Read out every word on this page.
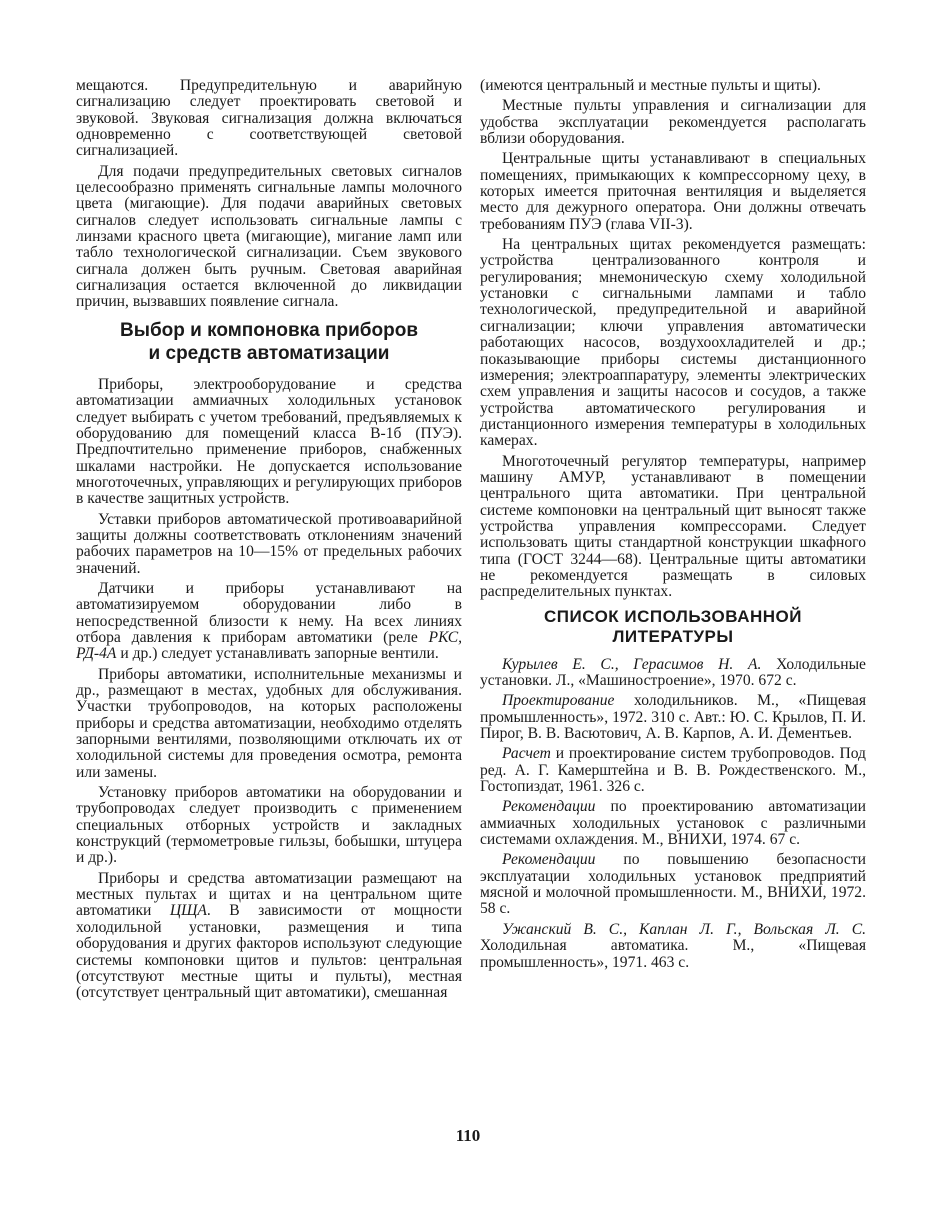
мещаются. Предупредительную и аварийную сигнализацию следует проектировать световой и звуковой. Звуковая сигнализация должна включаться одновременно с соответствующей световой сигнализацией.

Для подачи предупредительных световых сигналов целесообразно применять сигнальные лампы молочного цвета (мигающие). Для подачи аварийных световых сигналов следует использовать сигнальные лампы с линзами красного цвета (мигающие), мигание ламп или табло технологической сигнализации. Съем звукового сигнала должен быть ручным. Световая аварийная сигнализация остается включенной до ликвидации причин, вызвавших появление сигнала.

Выбор и компоновка приборов
и средств автоматизации

Приборы, электрооборудование и средства автоматизации аммиачных холодильных установок следует выбирать с учетом требований, предъявляемых к оборудованию для помещений класса В-1б (ПУЭ). Предпочтительно применение приборов, снабженных шкалами настройки. Не допускается использование многоточечных, управляющих и регулирующих приборов в качестве защитных устройств.

Уставки приборов автоматической противоаварийной защиты должны соответствовать отклонениям значений рабочих параметров на 10—15% от предельных рабочих значений.

Датчики и приборы устанавливают на автоматизируемом оборудовании либо в непосредственной близости к нему. На всех линиях отбора давления к приборам автоматики (реле РКС, РД-4А и др.) следует устанавливать запорные вентили.

Приборы автоматики, исполнительные механизмы и др., размещают в местах, удобных для обслуживания. Участки трубопроводов, на которых расположены приборы и средства автоматизации, необходимо отделять запорными вентилями, позволяющими отключать их от холодильной системы для проведения осмотра, ремонта или замены.

Установку приборов автоматики на оборудовании и трубопроводах следует производить с применением специальных отборных устройств и закладных конструкций (термометровые гильзы, бобышки, штуцера и др.).

Приборы и средства автоматизации размещают на местных пультах и щитах и на центральном щите автоматики ЦЩА. В зависимости от мощности холодильной установки, размещения и типа оборудования и других факторов используют следующие системы компоновки щитов и пультов: центральная (отсутствуют местные щиты и пульты), местная (отсутствует центральный щит автоматики), смешанная

(имеются центральный и местные пульты и щиты).

Местные пульты управления и сигнализации для удобства эксплуатации рекомендуется располагать вблизи оборудования.

Центральные щиты устанавливают в специальных помещениях, примыкающих к компрессорному цеху, в которых имеется приточная вентиляция и выделяется место для дежурного оператора. Они должны отвечать требованиям ПУЭ (глава VII-3).

На центральных щитах рекомендуется размещать: устройства централизованного контроля и регулирования; мнемоническую схему холодильной установки с сигнальными лампами и табло технологической, предупредительной и аварийной сигнализации; ключи управления автоматически работающих насосов, воздухоохладителей и др.; показывающие приборы системы дистанционного измерения; электроаппаратуру, элементы электрических схем управления и защиты насосов и сосудов, а также устройства автоматического регулирования и дистанционного измерения температуры в холодильных камерах.

Многоточечный регулятор температуры, например машину АМУР, устанавливают в помещении центрального щита автоматики. При центральной системе компоновки на центральный щит выносят также устройства управления компрессорами. Следует использовать щиты стандартной конструкции шкафного типа (ГОСТ 3244—68). Центральные щиты автоматики не рекомендуется размещать в силовых распределительных пунктах.

СПИСОК ИСПОЛЬЗОВАННОЙ
ЛИТЕРАТУРЫ

Курылев Е. С., Герасимов Н. А. Холодильные установки. Л., «Машиностроение», 1970. 672 с.

Проектирование холодильников. М., «Пищевая промышленность», 1972. 310 с. Авт.: Ю. С. Крылов, П. И. Пирог, В. В. Васютович, А. В. Карпов, А. И. Дементьев.

Расчет и проектирование систем трубопроводов. Под ред. А. Г. Камерштейна и В. В. Рождественского. М., Гостопиздат, 1961. 326 с.

Рекомендации по проектированию автоматизации аммиачных холодильных установок с различными системами охлаждения. М., ВНИХИ, 1974. 67 с.

Рекомендации по повышению безопасности эксплуатации холодильных установок предприятий мясной и молочной промышленности. М., ВНИХИ, 1972. 58 с.

Ужанский В. С., Каплан Л. Г., Вольская Л. С. Холодильная автоматика. М., «Пищевая промышленность», 1971. 463 с.

110
